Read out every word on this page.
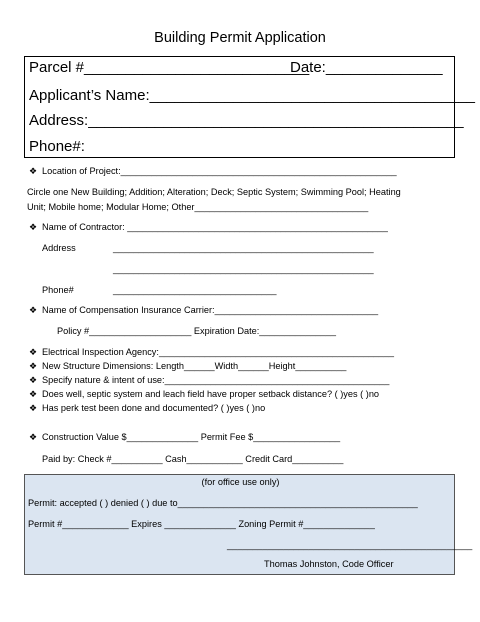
Building Permit Application
Parcel #___________________________
Date:______________
Applicant’s Name:_______________________________________
Address:_____________________________________________
Phone#:
❖ Location of Project:______________________________________________________
Circle one New Building; Addition; Alteration; Deck; Septic System; Swimming Pool; Heating
Unit; Mobile home; Modular Home; Other__________________________________
❖ Name of Contractor: ___________________________________________________
Address	___________________________________________________
___________________________________________________
Phone#	________________________________
❖ Name of Compensation Insurance Carrier:________________________________
Policy #____________________ Expiration Date:_______________
❖ Electrical Inspection Agency:______________________________________________
❖ New Structure Dimensions: Length______Width______Height__________
❖ Specify nature & intent of use:____________________________________________
❖ Does well, septic system and leach field have proper setback distance? ( )yes ( )no
❖ Has perk test been done and documented? ( )yes ( )no
❖ Construction Value $______________ Permit Fee $_________________
Paid by: Check #__________ Cash___________ Credit Card__________
(for office use only)
Permit: accepted ( ) denied ( ) due to_______________________________________________
Permit #_____________ Expires ______________ Zoning Permit #______________
________________________________________________
Thomas Johnston, Code Officer
